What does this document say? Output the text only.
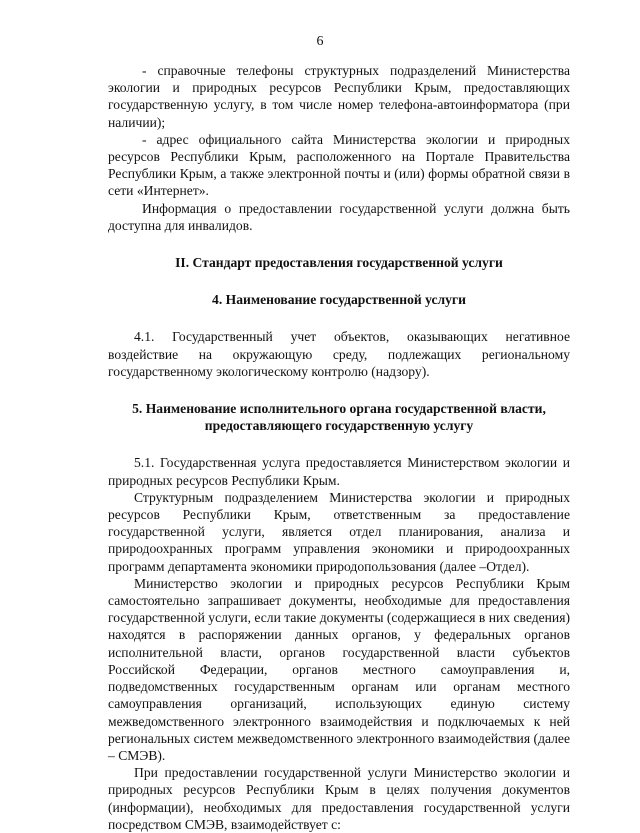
6

- справочные телефоны структурных подразделений Министерства экологии и природных ресурсов Республики Крым, предоставляющих государственную услугу, в том числе номер телефона-автоинформатора (при наличии);

- адрес официального сайта Министерства экологии и природных ресурсов Республики Крым, расположенного на Портале Правительства Республики Крым, а также электронной почты и (или) формы обратной связи в сети «Интернет».

Информация о предоставлении государственной услуги должна быть доступна для инвалидов.

II. Стандарт предоставления государственной услуги

4. Наименование государственной услуги

4.1. Государственный учет объектов, оказывающих негативное воздействие на окружающую среду, подлежащих региональному государственному экологическому контролю (надзору).

5. Наименование исполнительного органа государственной власти,
предоставляющего государственную услугу

5.1. Государственная услуга предоставляется Министерством экологии и природных ресурсов Республики Крым.

Структурным подразделением Министерства экологии и природных ресурсов Республики Крым, ответственным за предоставление государственной услуги, является отдел планирования, анализа и природоохранных программ управления экономики и природоохранных программ департамента экономики природопользования (далее –Отдел).

Министерство экологии и природных ресурсов Республики Крым самостоятельно запрашивает документы, необходимые для предоставления государственной услуги, если такие документы (содержащиеся в них сведения) находятся в распоряжении данных органов, у федеральных органов исполнительной власти, органов государственной власти субъектов Российской Федерации, органов местного самоуправления и, подведомственных государственным органам или органам местного самоуправления организаций, использующих единую систему межведомственного электронного взаимодействия и подключаемых к ней региональных систем межведомственного электронного взаимодействия (далее – СМЭВ).

При предоставлении государственной услуги Министерство экологии и природных ресурсов Республики Крым в целях получения документов (информации), необходимых для предоставления государственной услуги посредством СМЭВ, взаимодействует с:
